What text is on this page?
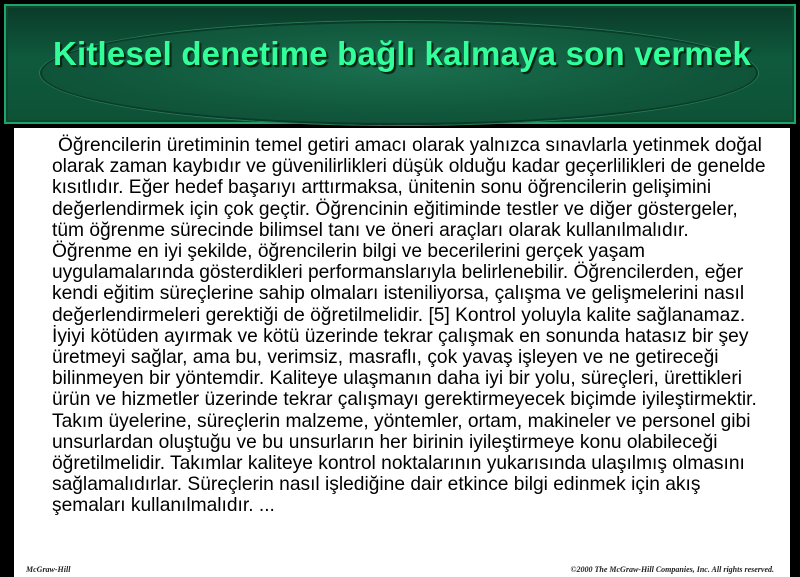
Kitlesel denetime bağlı kalmaya son vermek

Öğrencilerin üretiminin temel getiri amacı olarak yalnızca sınavlarla yetinmek doğal olarak zaman kaybıdır ve güvenilirlikleri düşük olduğu kadar geçerlilikleri de genelde kısıtlıdır. Eğer hedef başarıyı arttırmaksa, ünitenin sonu öğrencilerin gelişimini değerlendirmek için çok geçtir. Öğrencinin eğitiminde testler ve diğer göstergeler, tüm öğrenme sürecinde bilimsel tanı ve öneri araçları olarak kullanılmalıdır. Öğrenme en iyi şekilde, öğrencilerin bilgi ve becerilerini gerçek yaşam uygulamalarında gösterdikleri performanslarıyla belirlenebilir. Öğrencilerden, eğer kendi eğitim süreçlerine sahip olmaları isteniliyorsa, çalışma ve gelişmelerini nasıl değerlendirmeleri gerektiği de öğretilmelidir. [5] Kontrol yoluyla kalite sağlanamaz. İyiyi kötüden ayırmak ve kötü üzerinde tekrar çalışmak en sonunda hatasız bir şey üretmeyi sağlar, ama bu, verimsiz, masraflı, çok yavaş işleyen ve ne getireceği bilinmeyen bir yöntemdir. Kaliteye ulaşmanın daha iyi bir yolu, süreçleri, ürettikleri ürün ve hizmetler üzerinde tekrar çalışmayı gerektirmeyecek biçimde iyileştirmektir. Takım üyelerine, süreçlerin malzeme, yöntemler, ortam, makineler ve personel gibi unsurlardan oluştuğu ve bu unsurların her birinin iyileştirmeye konu olabileceği öğretilmelidir. Takımlar kaliteye kontrol noktalarının yukarısında ulaşılmış olmasını sağlamalıdırlar. Süreçlerin nasıl işlediğine dair etkince bilgi edinmek için akış şemaları kullanılmalıdır. ...

McGraw-Hill	©2000 The McGraw-Hill Companies, Inc. All rights reserved.
